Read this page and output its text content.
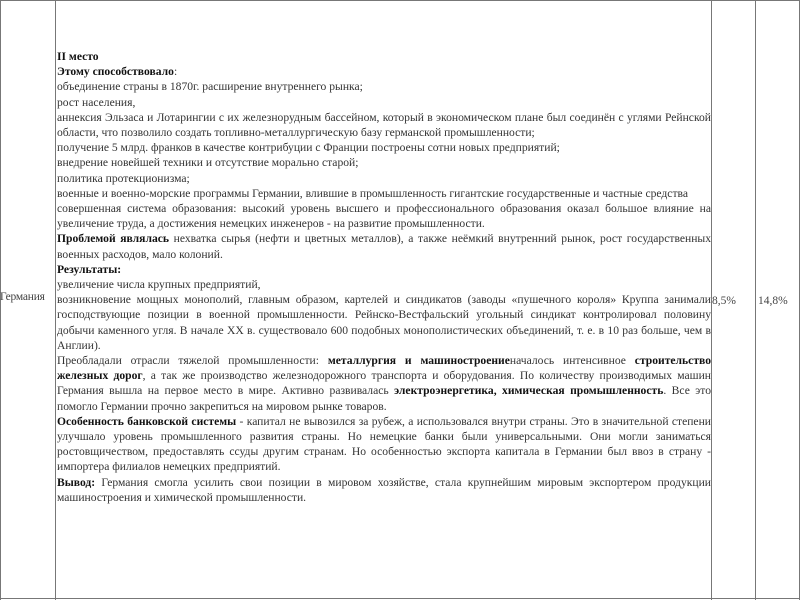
Германия	8,5% 14,8%

II место

Этому способствовало:

объединение страны в 1870г. расширение внутреннего рынка;

рост населения,

аннексия Эльзаса и Лотарингии с их железнорудным бассейном, который в экономическом плане был соединён с углями Рейнской области, что позволило создать топливно-металлургическую базу германской промышленности;

получение 5 млрд. франков в качестве контрибуции с Франции построены сотни новых предприятий;

внедрение новейшей техники и отсутствие морально старой;

политика протекционизма;

военные и военно-морские программы Германии, влившие в промышленность гигантские государственные и частные средства

совершенная система образования: высокий уровень высшего и профессионального образования оказал большое влияние на увеличение труда, а достижения немецких инженеров - на развитие промышленности.

Проблемой являлась нехватка сырья (нефти и цветных металлов), а также неёмкий внутренний рынок, рост государственных военных расходов, мало колоний.

Результаты:

увеличение числа крупных предприятий,

возникновение мощных монополий, главным образом, картелей и синдикатов (заводы «пушечного короля» Круппа занимали господствующие позиции в военной промышленности. Рейнско-Вестфальский угольный синдикат контролировал половину добычи каменного угля. В начале XX в. существовало 600 подобных монополистических объединений, т. е. в 10 раз больше, чем в Англии).

Преобладали отрасли тяжелой промышленности: металлургия и машиностроениеначалось интенсивное строительство железных дорог, а так же производство железнодорожного транспорта и оборудования. По количеству производимых машин Германия вышла на первое место в мире. Активно развивалась электроэнергетика, химическая промышленность. Все это помогло Германии прочно закрепиться на мировом рынке товаров.

Особенность банковской системы - капитал не вывозился за рубеж, а использовался внутри страны. Это в значительной степени улучшало уровень промышленного развития страны. Но немецкие банки были универсальными. Они могли заниматься ростовщичеством, предоставлять ссуды другим странам. Но особенностью экспорта капитала в Германии был ввоз в страну - импортера филиалов немецких предприятий.

Вывод: Германия смогла усилить свои позиции в мировом хозяйстве, стала крупнейшим мировым экспортером продукции машиностроения и химической промышленности.
